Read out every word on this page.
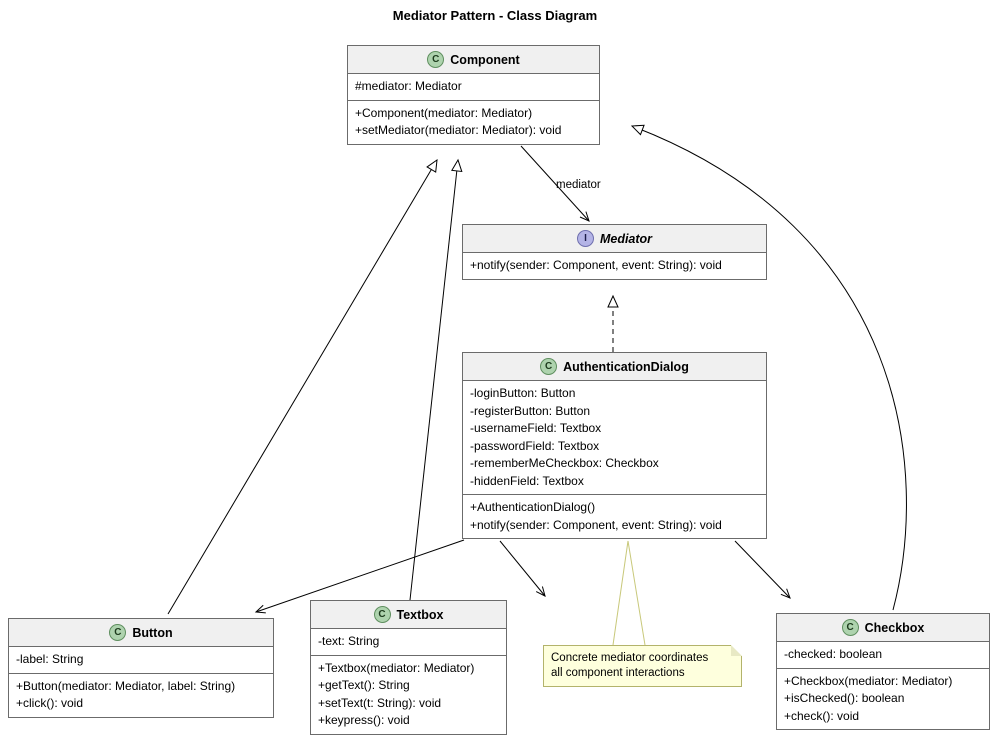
Mediator Pattern - Class Diagram
mediator
C Component
#mediator: Mediator
+Component(mediator: Mediator)
+setMediator(mediator: Mediator): void
I	Mediator
+notify(sender: Component, event: String): void
C AuthenticationDialog
-loginButton: Button
-registerButton: Button
-usernameField: Textbox
-passwordField: Textbox
-rememberMeCheckbox: Checkbox
-hiddenField: Textbox
+AuthenticationDialog()
+notify(sender: Component, event: String): void
C Button
-label: String
+Button(mediator: Mediator, label: String)
+click(): void
C Textbox
-text: String
+Textbox(mediator: Mediator)
+getText(): String
+setText(t: String): void
+keypress(): void
C Checkbox
-checked: boolean
+Checkbox(mediator: Mediator)
+isChecked(): boolean
+check(): void
Concrete mediator coordinates
all component interactions
